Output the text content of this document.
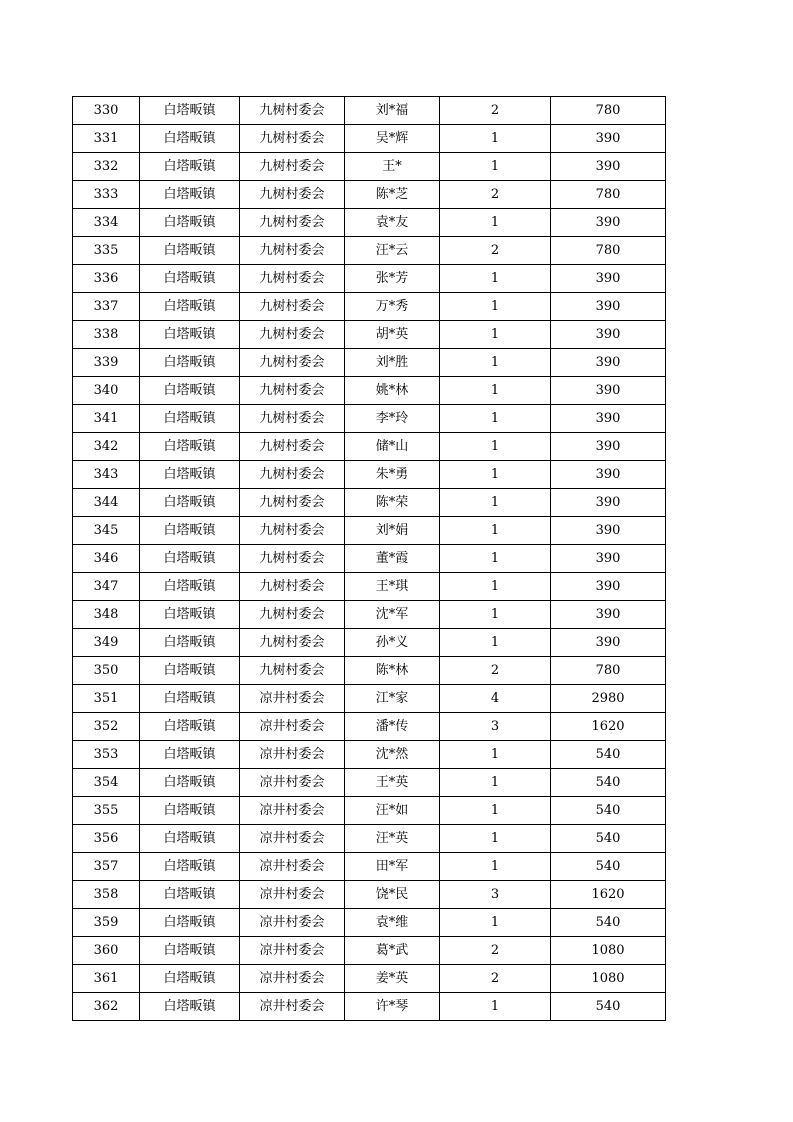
330	白塔畈镇	九树村委会	刘*福	2	780
331	白塔畈镇	九树村委会	吴*辉	1	390
332	白塔畈镇	九树村委会	王*	1	390
333	白塔畈镇	九树村委会	陈*芝	2	780
334	白塔畈镇	九树村委会	袁*友	1	390
335	白塔畈镇	九树村委会	汪*云	2	780
336	白塔畈镇	九树村委会	张*芳	1	390
337	白塔畈镇	九树村委会	万*秀	1	390
338	白塔畈镇	九树村委会	胡*英	1	390
339	白塔畈镇	九树村委会	刘*胜	1	390
340	白塔畈镇	九树村委会	姚*林	1	390
341	白塔畈镇	九树村委会	李*玲	1	390
342	白塔畈镇	九树村委会	储*山	1	390
343	白塔畈镇	九树村委会	朱*勇	1	390
344	白塔畈镇	九树村委会	陈*荣	1	390
345	白塔畈镇	九树村委会	刘*娟	1	390
346	白塔畈镇	九树村委会	董*霞	1	390
347	白塔畈镇	九树村委会	王*琪	1	390
348	白塔畈镇	九树村委会	沈*军	1	390
349	白塔畈镇	九树村委会	孙*义	1	390
350	白塔畈镇	九树村委会	陈*林	2	780
351	白塔畈镇	凉井村委会	江*家	4	2980
352	白塔畈镇	凉井村委会	潘*传	3	1620
353	白塔畈镇	凉井村委会	沈*然	1	540
354	白塔畈镇	凉井村委会	王*英	1	540
355	白塔畈镇	凉井村委会	汪*如	1	540
356	白塔畈镇	凉井村委会	汪*英	1	540
357	白塔畈镇	凉井村委会	田*军	1	540
358	白塔畈镇	凉井村委会	饶*民	3	1620
359	白塔畈镇	凉井村委会	袁*维	1	540
360	白塔畈镇	凉井村委会	葛*武	2	1080
361	白塔畈镇	凉井村委会	姜*英	2	1080
362	白塔畈镇	凉井村委会	许*琴	1	540
